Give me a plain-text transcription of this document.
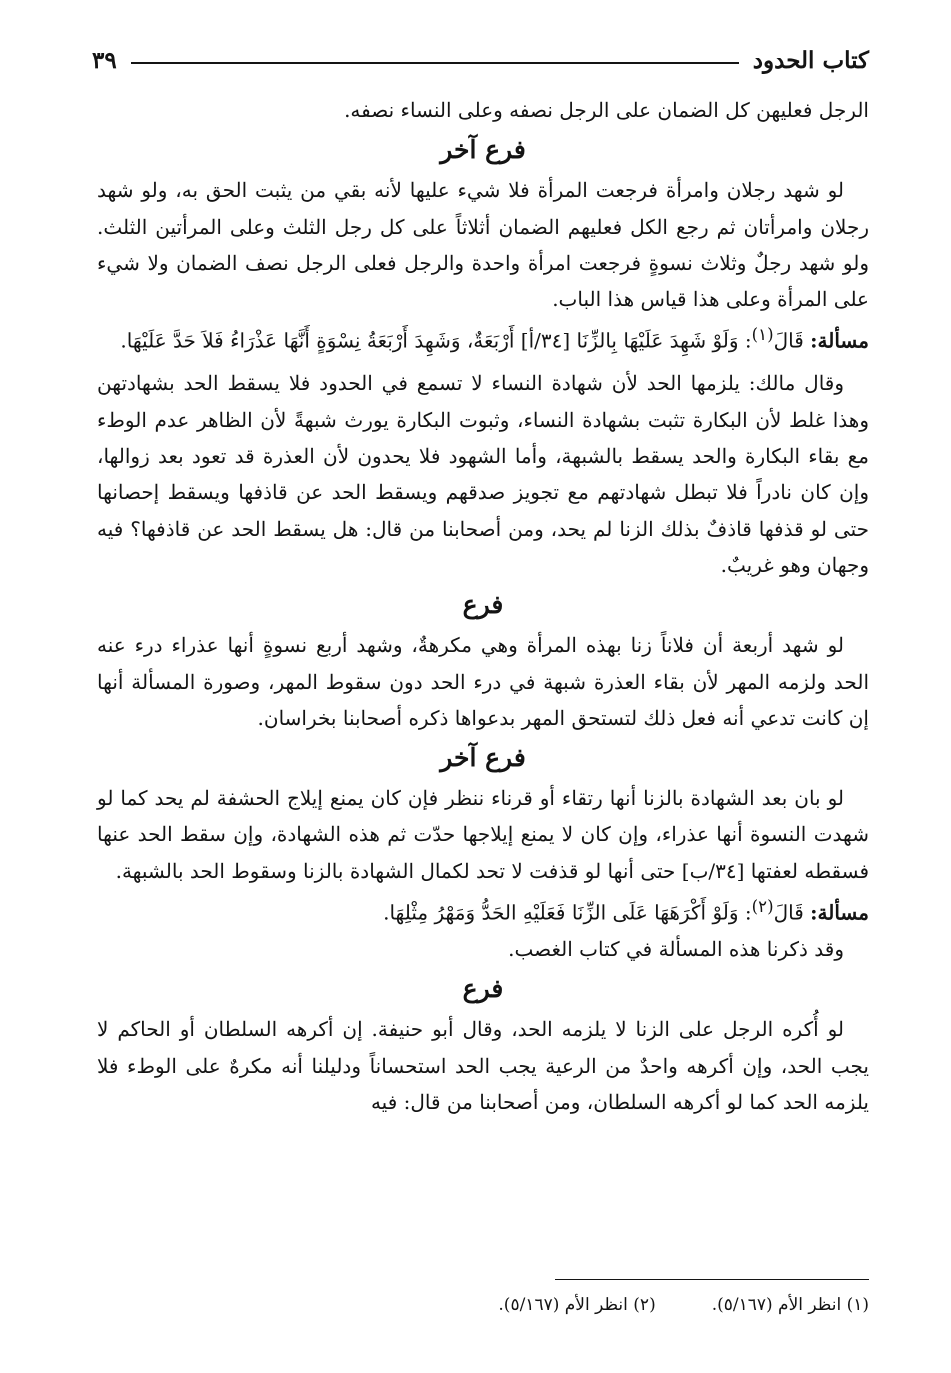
كتاب الحدود
٣٩

الرجل فعليهن كل الضمان على الرجل نصفه وعلى النساء نصفه.

فرع آخر

لو شهد رجلان وامرأة فرجعت المرأة فلا شيء عليها لأنه بقي من يثبت الحق به، ولو شهد رجلان وامرأتان ثم رجع الكل فعليهم الضمان أثلاثاً على كل رجل الثلث وعلى المرأتين الثلث. ولو شهد رجلٌ وثلاث نسوةٍ فرجعت امرأة واحدة والرجل فعلى الرجل نصف الضمان ولا شيء على المرأة وعلى هذا قياس هذا الباب.

مسألة: قَالَ$^{(١)}$: وَلَوْ شَهِدَ عَلَيْهَا بِالزِّنَا [٣٤/أ] أَرْبَعَةٌ، وَشَهِدَ أَرْبَعَةُ نِسْوَةٍ أَنَّهَا عَذْرَاءُ فَلاَ حَدَّ عَلَيْهَا.

وقال مالك: يلزمها الحد لأن شهادة النساء لا تسمع في الحدود فلا يسقط الحد بشهادتهن وهذا غلط لأن البكارة تثبت بشهادة النساء، وثبوت البكارة يورث شبهةً لأن الظاهر عدم الوطء مع بقاء البكارة والحد يسقط بالشبهة، وأما الشهود فلا يحدون لأن العذرة قد تعود بعد زوالها، وإن كان نادراً فلا تبطل شهادتهم مع تجويز صدقهم ويسقط الحد عن قاذفها ويسقط إحصانها حتى لو قذفها قاذفٌ بذلك الزنا لم يحد، ومن أصحابنا من قال: هل يسقط الحد عن قاذفها؟ فيه وجهان وهو غريبٌ.

فرع

لو شهد أربعة أن فلاناً زنا بهذه المرأة وهي مكرهةٌ، وشهد أربع نسوةٍ أنها عذراء درء عنه الحد ولزمه المهر لأن بقاء العذرة شبهة في درء الحد دون سقوط المهر، وصورة المسألة أنها إن كانت تدعي أنه فعل ذلك لتستحق المهر بدعواها ذكره أصحابنا بخراسان.

فرع آخر

لو بان بعد الشهادة بالزنا أنها رتقاء أو قرناء ننظر فإن كان يمنع إيلاج الحشفة لم يحد كما لو شهدت النسوة أنها عذراء، وإن كان لا يمنع إيلاجها حدّت ثم هذه الشهادة، وإن سقط الحد عنها فسقطه لعفتها [٣٤/ب] حتى أنها لو قذفت لا تحد لكمال الشهادة بالزنا وسقوط الحد بالشبهة.

مسألة: قَالَ$^{(٢)}$: وَلَوْ أَكْرَهَهَا عَلَى الزِّنَا فَعَلَيْهِ الحَدُّ وَمَهْرُ مِثْلِهَا.

وقد ذكرنا هذه المسألة في كتاب الغصب.

فرع

لو أُكره الرجل على الزنا لا يلزمه الحد، وقال أبو حنيفة. إن أكرهه السلطان أو الحاكم لا يجب الحد، وإن أكرهه واحدٌ من الرعية يجب الحد استحساناً ودليلنا أنه مكرهٌ على الوطء فلا يلزمه الحد كما لو أكرهه السلطان، ومن أصحابنا من قال: فيه

(١) انظر الأم (٥/١٦٧).
(٢) انظر الأم (٥/١٦٧).
